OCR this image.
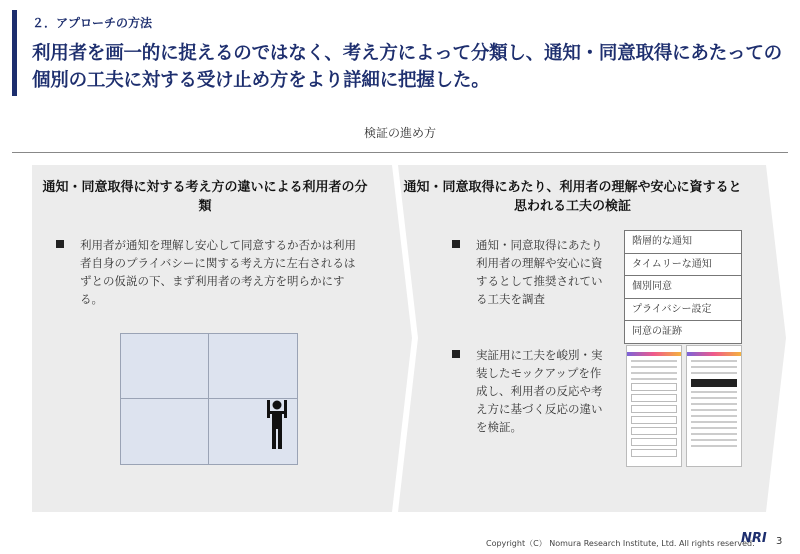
２．アプローチの方法
利用者を画一的に捉えるのではなく、考え方によって分類し、通知・同意取得にあたっての個別の工夫に対する受け止め方をより詳細に把握した。
検証の進め方
通知・同意取得に対する考え方の違いによる利用者の分類
通知・同意取得にあたり、利用者の理解や安心に資すると思われる工夫の検証
利用者が通知を理解し安心して同意するか否かは利用者自身のプライバシーに関する考え方に左右されるはずとの仮説の下、まず利用者の考え方を明らかにする。
通知・同意取得にあたり利用者の理解や安心に資するとして推奨されている工夫を調査
階層的な通知
タイムリーな通知
個別同意
プライバシー設定
同意の証跡
実証用に工夫を峻別・実装したモックアップを作成し、利用者の反応や考え方に基づく反応の違いを検証。
Copyright（C） Nomura Research Institute, Ltd. All rights reserved.
NRI 3
